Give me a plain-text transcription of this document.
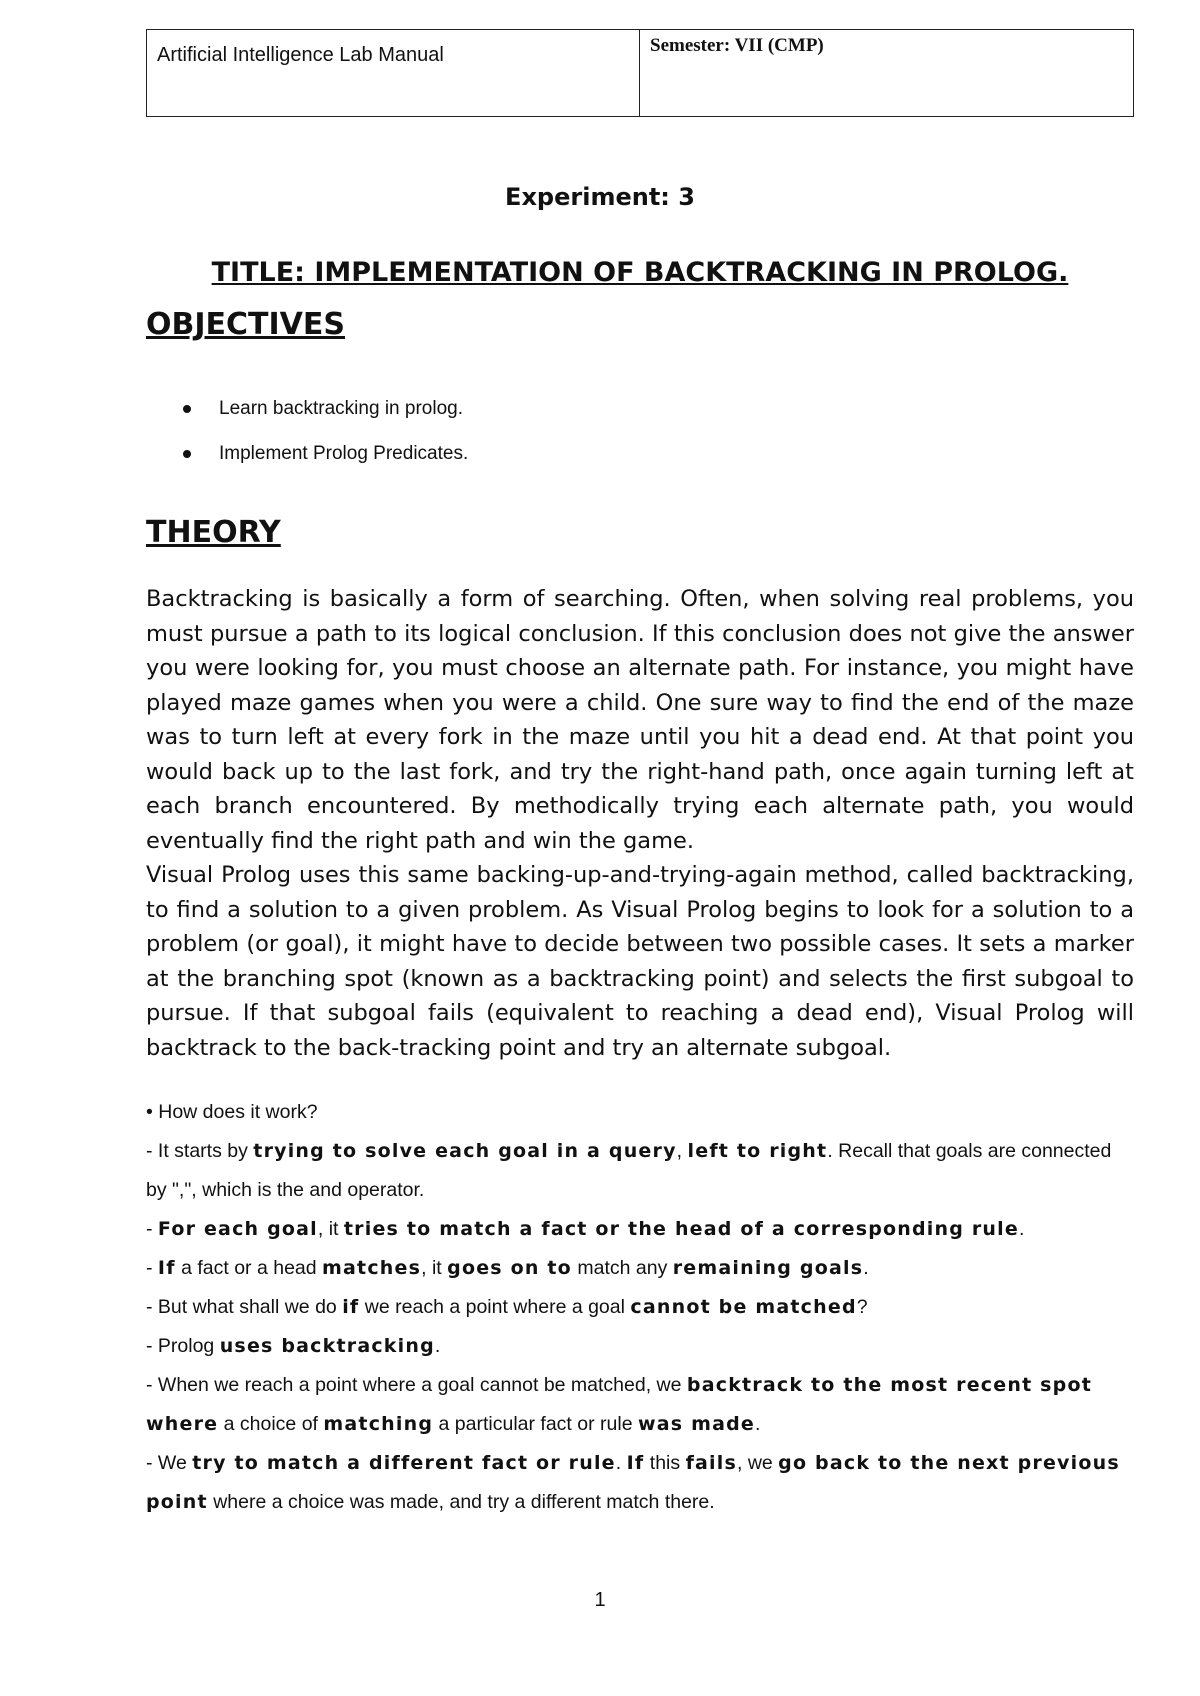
Artificial Intelligence Lab Manual	Semester: VII (CMP)
Experiment: 3
TITLE: IMPLEMENTATION OF BACKTRACKING IN PROLOG.
OBJECTIVES
Learn backtracking in prolog.
Implement Prolog Predicates.
THEORY

Backtracking is basically a form of searching. Often, when solving real problems, you must pursue a path to its logical conclusion. If this conclusion does not give the answer you were looking for, you must choose an alternate path. For instance, you might have played maze games when you were a child. One sure way to find the end of the maze was to turn left at every fork in the maze until you hit a dead end. At that point you would back up to the last fork, and try the right-hand path, once again turning left at each branch encountered. By methodically trying each alternate path, you would eventually find the right path and win the game.

Visual Prolog uses this same backing-up-and-trying-again method, called backtracking, to find a solution to a given problem. As Visual Prolog begins to look for a solution to a problem (or goal), it might have to decide between two possible cases. It sets a marker at the branching spot (known as a backtracking point) and selects the first subgoal to pursue. If that subgoal fails (equivalent to reaching a dead end), Visual Prolog will backtrack to the back-tracking point and try an alternate subgoal.

• How does it work?

- It starts by trying to solve each goal in a query, left to right. Recall that goals are connected by ",", which is the and operator.

- For each goal, it tries to match a fact or the head of a corresponding rule.

- If a fact or a head matches, it goes on to match any remaining goals.

- But what shall we do if we reach a point where a goal cannot be matched?

- Prolog uses backtracking.

- When we reach a point where a goal cannot be matched, we backtrack to the most recent spot where a choice of matching a particular fact or rule was made.

- We try to match a different fact or rule. If this fails, we go back to the next previous point where a choice was made, and try a different match there.

1
